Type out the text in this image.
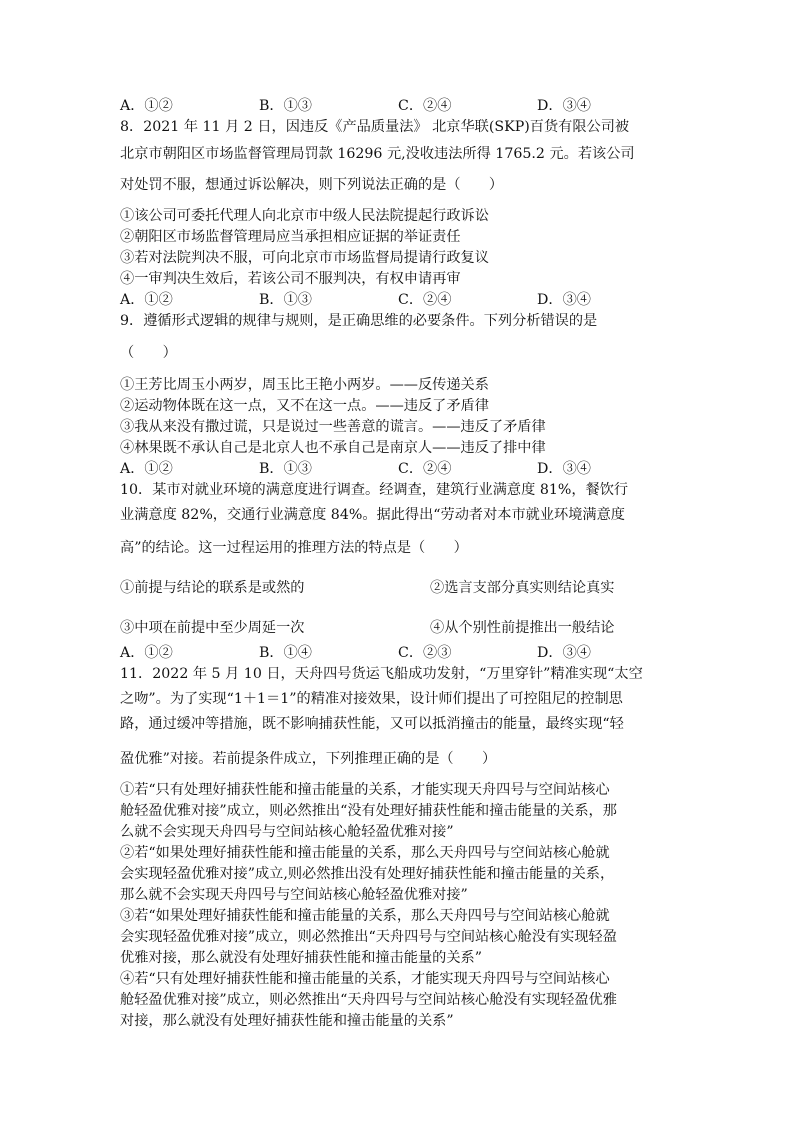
A．①②	B．①③	C．②④	D．③④
8．2021 年 11 月 2 日，因违反《产品质量法》 北京华联(SKP)百货有限公司被
北京市朝阳区市场监督管理局罚款 16296 元,没收违法所得 1765.2 元。若该公司
对处罚不服，想通过诉讼解决，则下列说法正确的是（　　）
①该公司可委托代理人向北京市中级人民法院提起行政诉讼
②朝阳区市场监督管理局应当承担相应证据的举证责任
③若对法院判决不服，可向北京市市场监督局提请行政复议
④一审判决生效后，若该公司不服判决，有权申请再审
A．①②	B．①③	C．②④	D．③④
9．遵循形式逻辑的规律与规则，是正确思维的必要条件。下列分析错误的是
（　　）
①王芳比周玉小两岁，周玉比王艳小两岁。——反传递关系
②运动物体既在这一点，又不在这一点。——违反了矛盾律
③我从来没有撒过谎，只是说过一些善意的谎言。——违反了矛盾律
④林果既不承认自己是北京人也不承自己是南京人——违反了排中律
A．①②	B．①③	C．②④	D．③④
10．某市对就业环境的满意度进行调查。经调查，建筑行业满意度 81%，餐饮行
业满意度 82%，交通行业满意度 84%。据此得出“劳动者对本市就业环境满意度
高”的结论。这一过程运用的推理方法的特点是（　　）
①前提与结论的联系是或然的	②选言支部分真实则结论真实
③中项在前提中至少周延一次	④从个别性前提推出一般结论
A．①②	B．①④	C．②③	D．③④
11．2022 年 5 月 10 日，天舟四号货运飞船成功发射，“万里穿针”精准实现“太空
之吻”。为了实现“1＋1＝1”的精准对接效果，设计师们提出了可控阻尼的控制思
路，通过缓冲等措施，既不影响捕获性能，又可以抵消撞击的能量，最终实现“轻
盈优雅”对接。若前提条件成立，下列推理正确的是（　　）
①若“只有处理好捕获性能和撞击能量的关系，才能实现天舟四号与空间站核心
舱轻盈优雅对接”成立，则必然推出“没有处理好捕获性能和撞击能量的关系，那
么就不会实现天舟四号与空间站核心舱轻盈优雅对接”
②若“如果处理好捕获性能和撞击能量的关系，那么天舟四号与空间站核心舱就
会实现轻盈优雅对接”成立,则必然推出没有处理好捕获性能和撞击能量的关系，
那么就不会实现天舟四号与空间站核心舱轻盈优雅对接”
③若“如果处理好捕获性能和撞击能量的关系，那么天舟四号与空间站核心舱就
会实现轻盈优雅对接”成立，则必然推出“天舟四号与空间站核心舱没有实现轻盈
优雅对接，那么就没有处理好捕获性能和撞击能量的关系”
④若“只有处理好捕获性能和撞击能量的关系，才能实现天舟四号与空间站核心
舱轻盈优雅对接”成立，则必然推出“天舟四号与空间站核心舱没有实现轻盈优雅
对接，那么就没有处理好捕获性能和撞击能量的关系”
